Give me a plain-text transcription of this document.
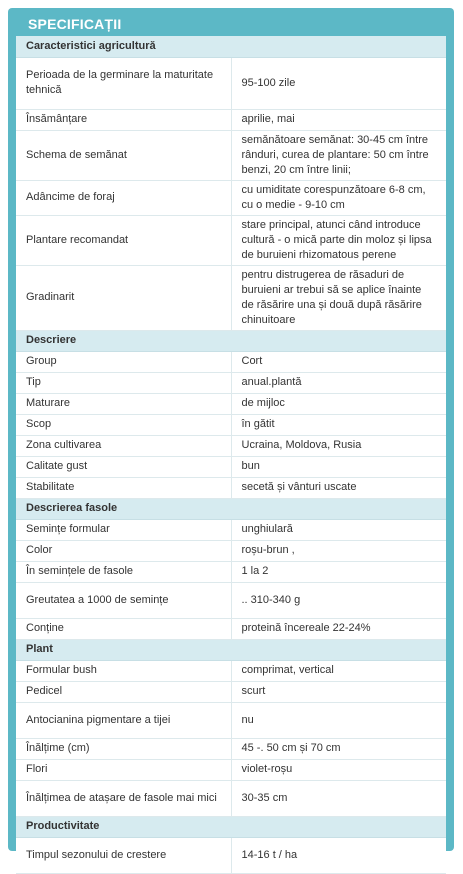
SPECIFICAȚII
Caracteristici agricultură	
Perioada de la germinare la maturitate tehnică	95-100 zile
Însămânțare	aprilie, mai
Schema de semănat	semănătoare semănat: 30-45 cm între rânduri, curea de plantare: 50 cm între benzi, 20 cm între linii;
Adâncime de foraj	cu umiditate corespunzătoare 6-8 cm, cu o medie - 9-10 cm
Plantare recomandat	stare principal, atunci când introduce cultură - o mică parte din moloz și lipsa de buruieni rhizomatous perene
Gradinarit	pentru distrugerea de răsaduri de buruieni ar trebui să se aplice înainte de răsărire una și două după răsărire chinuitoare
Descriere	
Group	Cort
Tip	anual.plantă
Maturare	de mijloc
Scop	în gătit
Zona cultivarea	Ucraina, Moldova, Rusia
Calitate gust	bun
Stabilitate	secetă și vânturi uscate
Descrierea fasole	
Semințe formular	unghiulară
Color	roșu-brun ,
În semințele de fasole	1 la 2
Greutatea a 1000 de semințe	.. 310-340 g
Conține	proteină încereale 22-24%
Plant	
Formular bush	comprimat, vertical
Pedicel	scurt
Antocianina pigmentare a tijei	nu
Înălțime (cm)	45 -. 50 cm și 70 cm
Flori	violet-roșu
Înălțimea de atașare de fasole mai mici	30-35 cm
Productivitate	
Timpul sezonului de crestere	14-16 t / ha
